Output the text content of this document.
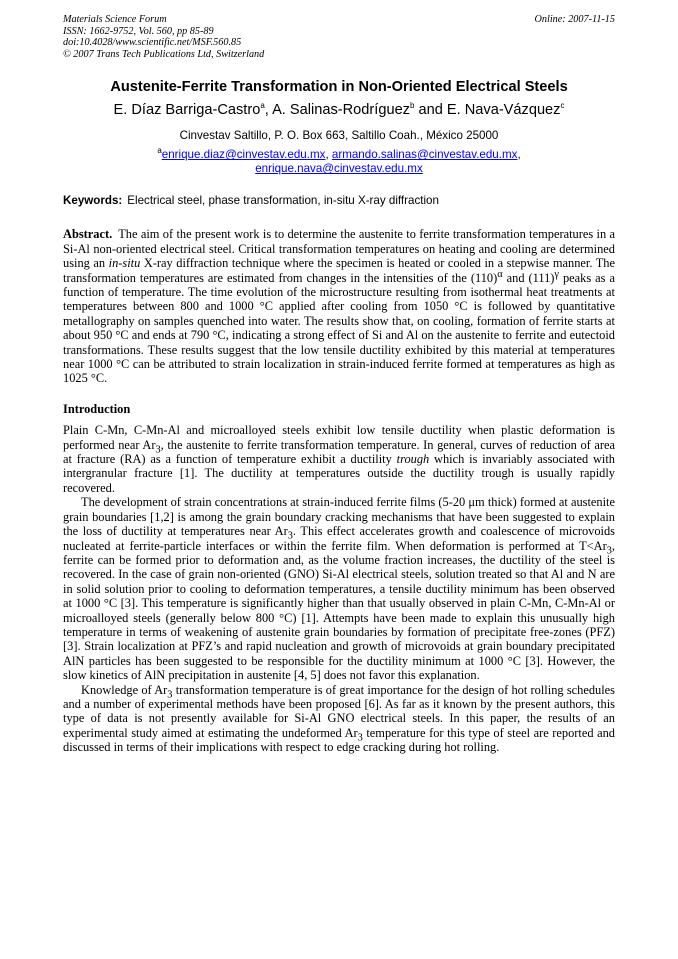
Materials Science Forum
ISSN: 1662-9752, Vol. 560, pp 85-89
doi:10.4028/www.scientific.net/MSF.560.85
© 2007 Trans Tech Publications Ltd, Switzerland
Online: 2007-11-15
Austenite-Ferrite Transformation in Non-Oriented Electrical Steels
E. Díaz Barriga-Castro$^a$, A. Salinas-Rodríguez$^b$ and E. Nava-Vázquez$^c$
Cinvestav Saltillo, P. O. Box 663, Saltillo Coah., México 25000
$^a$enrique.diaz@cinvestav.edu.mx, armando.salinas@cinvestav.edu.mx,
enrique.nava@cinvestav.edu.mx
Keywords: Electrical steel, phase transformation, in-situ X-ray diffraction
Abstract. The aim of the present work is to determine the austenite to ferrite transformation temperatures in a Si-Al non-oriented electrical steel. Critical transformation temperatures on heating and cooling are determined using an in-situ X-ray diffraction technique where the specimen is heated or cooled in a stepwise manner. The transformation temperatures are estimated from changes in the intensities of the $(110)^\alpha$ and $(111)^\gamma$ peaks as a function of temperature. The time evolution of the microstructure resulting from isothermal heat treatments at temperatures between 800 and 1000 °C applied after cooling from 1050 °C is followed by quantitative metallography on samples quenched into water. The results show that, on cooling, formation of ferrite starts at about 950 °C and ends at 790 °C, indicating a strong effect of Si and Al on the austenite to ferrite and eutectoid transformations. These results suggest that the low tensile ductility exhibited by this material at temperatures near 1000 °C can be attributed to strain localization in strain-induced ferrite formed at temperatures as high as 1025 °C.
Introduction

Plain C-Mn, C-Mn-Al and microalloyed steels exhibit low tensile ductility when plastic deformation is performed near $Ar_3$, the austenite to ferrite transformation temperature. In general, curves of reduction of area at fracture (RA) as a function of temperature exhibit a ductility trough which is invariably associated with intergranular fracture [1]. The ductility at temperatures outside the ductility trough is usually rapidly recovered.

The development of strain concentrations at strain-induced ferrite films (5-20 μm thick) formed at austenite grain boundaries [1,2] is among the grain boundary cracking mechanisms that have been suggested to explain the loss of ductility at temperatures near $Ar_3$. This effect accelerates growth and coalescence of microvoids nucleated at ferrite-particle interfaces or within the ferrite film. When deformation is performed at $T<Ar_3$, ferrite can be formed prior to deformation and, as the volume fraction increases, the ductility of the steel is recovered. In the case of grain non-oriented (GNO) Si-Al electrical steels, solution treated so that Al and N are in solid solution prior to cooling to deformation temperatures, a tensile ductility minimum has been observed at 1000 °C [3]. This temperature is significantly higher than that usually observed in plain C-Mn, C-Mn-Al or microalloyed steels (generally below 800 °C) [1]. Attempts have been made to explain this unusually high temperature in terms of weakening of austenite grain boundaries by formation of precipitate free-zones (PFZ) [3]. Strain localization at PFZ’s and rapid nucleation and growth of microvoids at grain boundary precipitated AlN particles has been suggested to be responsible for the ductility minimum at 1000 °C [3]. However, the slow kinetics of AlN precipitation in austenite [4, 5] does not favor this explanation.

Knowledge of $Ar_3$ transformation temperature is of great importance for the design of hot rolling schedules and a number of experimental methods have been proposed [6]. As far as it known by the present authors, this type of data is not presently available for Si-Al GNO electrical steels. In this paper, the results of an experimental study aimed at estimating the undeformed $Ar_3$ temperature for this type of steel are reported and discussed in terms of their implications with respect to edge cracking during hot rolling.
